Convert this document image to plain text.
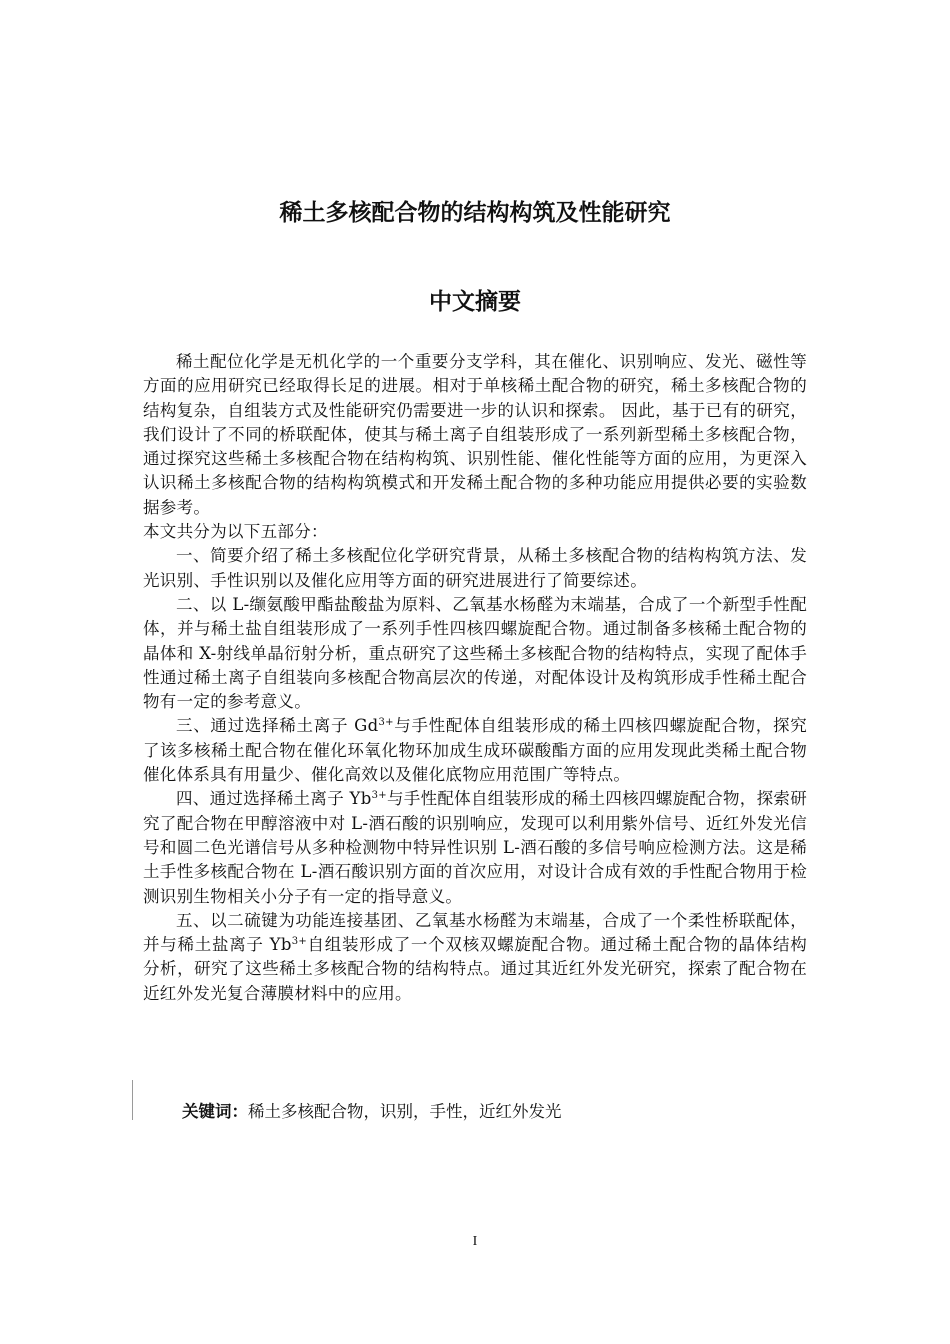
稀土多核配合物的结构构筑及性能研究
中文摘要

稀土配位化学是无机化学的一个重要分支学科，其在催化、识别响应、发光、磁性等方面的应用研究已经取得长足的进展。相对于单核稀土配合物的研究，稀土多核配合物的结构复杂，自组装方式及性能研究仍需要进一步的认识和探索。 因此，基于已有的研究，我们设计了不同的桥联配体，使其与稀土离子自组装形成了一系列新型稀土多核配合物，通过探究这些稀土多核配合物在结构构筑、识别性能、催化性能等方面的应用，为更深入认识稀土多核配合物的结构构筑模式和开发稀土配合物的多种功能应用提供必要的实验数据参考。

本文共分为以下五部分：

一、简要介绍了稀土多核配位化学研究背景，从稀土多核配合物的结构构筑方法、发光识别、手性识别以及催化应用等方面的研究进展进行了简要综述。

二、以 L-缬氨酸甲酯盐酸盐为原料、乙氧基水杨醛为末端基，合成了一个新型手性配体，并与稀土盐自组装形成了一系列手性四核四螺旋配合物。通过制备多核稀土配合物的晶体和 X-射线单晶衍射分析，重点研究了这些稀土多核配合物的结构特点，实现了配体手性通过稀土离子自组装向多核配合物高层次的传递，对配体设计及构筑形成手性稀土配合物有一定的参考意义。

三、通过选择稀土离子 $Gd^{3+}$与手性配体自组装形成的稀土四核四螺旋配合物，探究了该多核稀土配合物在催化环氧化物环加成生成环碳酸酯方面的应用发现此类稀土配合物催化体系具有用量少、催化高效以及催化底物应用范围广等特点。

四、通过选择稀土离子 $Yb^{3+}$与手性配体自组装形成的稀土四核四螺旋配合物，探索研究了配合物在甲醇溶液中对 L-酒石酸的识别响应，发现可以利用紫外信号、近红外发光信号和圆二色光谱信号从多种检测物中特异性识别 L-酒石酸的多信号响应检测方法。这是稀土手性多核配合物在 L-酒石酸识别方面的首次应用，对设计合成有效的手性配合物用于检测识别生物相关小分子有一定的指导意义。

五、以二硫键为功能连接基团、乙氧基水杨醛为末端基，合成了一个柔性桥联配体，并与稀土盐离子 $Yb^{3+}$自组装形成了一个双核双螺旋配合物。通过稀土配合物的晶体结构分析，研究了这些稀土多核配合物的结构特点。通过其近红外发光研究，探索了配合物在近红外发光复合薄膜材料中的应用。

关键词：稀土多核配合物，识别，手性，近红外发光
I
